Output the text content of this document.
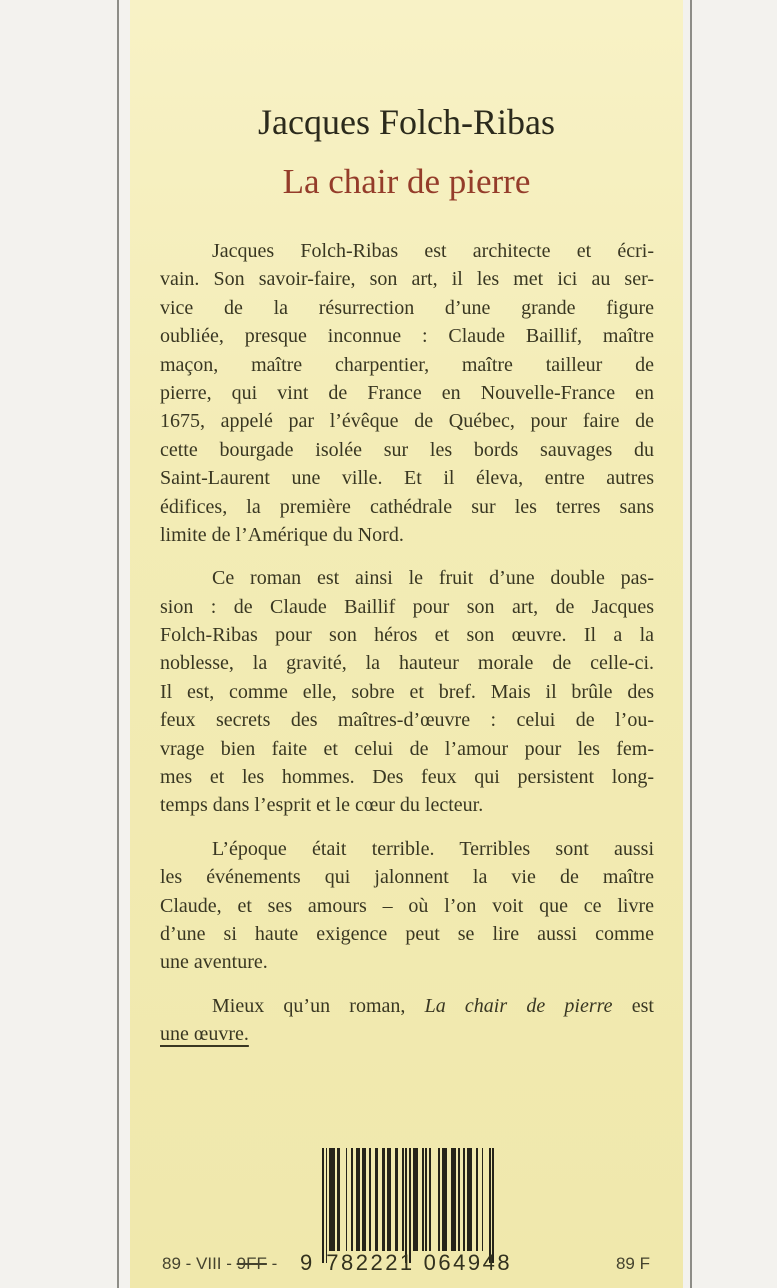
Jacques Folch-Ribas
La chair de pierre
Jacques Folch-Ribas est architecte et écri-
vain. Son savoir-faire, son art, il les met ici au ser-
vice de la résurrection d’une grande figure
oubliée, presque inconnue : Claude Baillif, maître
maçon, maître charpentier, maître tailleur de
pierre, qui vint de France en Nouvelle-France en
1675, appelé par l’évêque de Québec, pour faire de
cette bourgade isolée sur les bords sauvages du
Saint-Laurent une ville. Et il éleva, entre autres
édifices, la première cathédrale sur les terres sans
limite de l’Amérique du Nord.
Ce roman est ainsi le fruit d’une double pas-
sion : de Claude Baillif pour son art, de Jacques
Folch-Ribas pour son héros et son œuvre. Il a la
noblesse, la gravité, la hauteur morale de celle-ci.
Il est, comme elle, sobre et bref. Mais il brûle des
feux secrets des maîtres-d’œuvre : celui de l’ou-
vrage bien faite et celui de l’amour pour les fem-
mes et les hommes. Des feux qui persistent long-
temps dans l’esprit et le cœur du lecteur.
L’époque était terrible. Terribles sont aussi
les événements qui jalonnent la vie de maître
Claude, et ses amours – où l’on voit que ce livre
d’une si haute exigence peut se lire aussi comme
une aventure.
Mieux qu’un roman, La chair de pierre est
une œuvre.
9 782221 064948
89 - VIII - 9FF -	89 F
